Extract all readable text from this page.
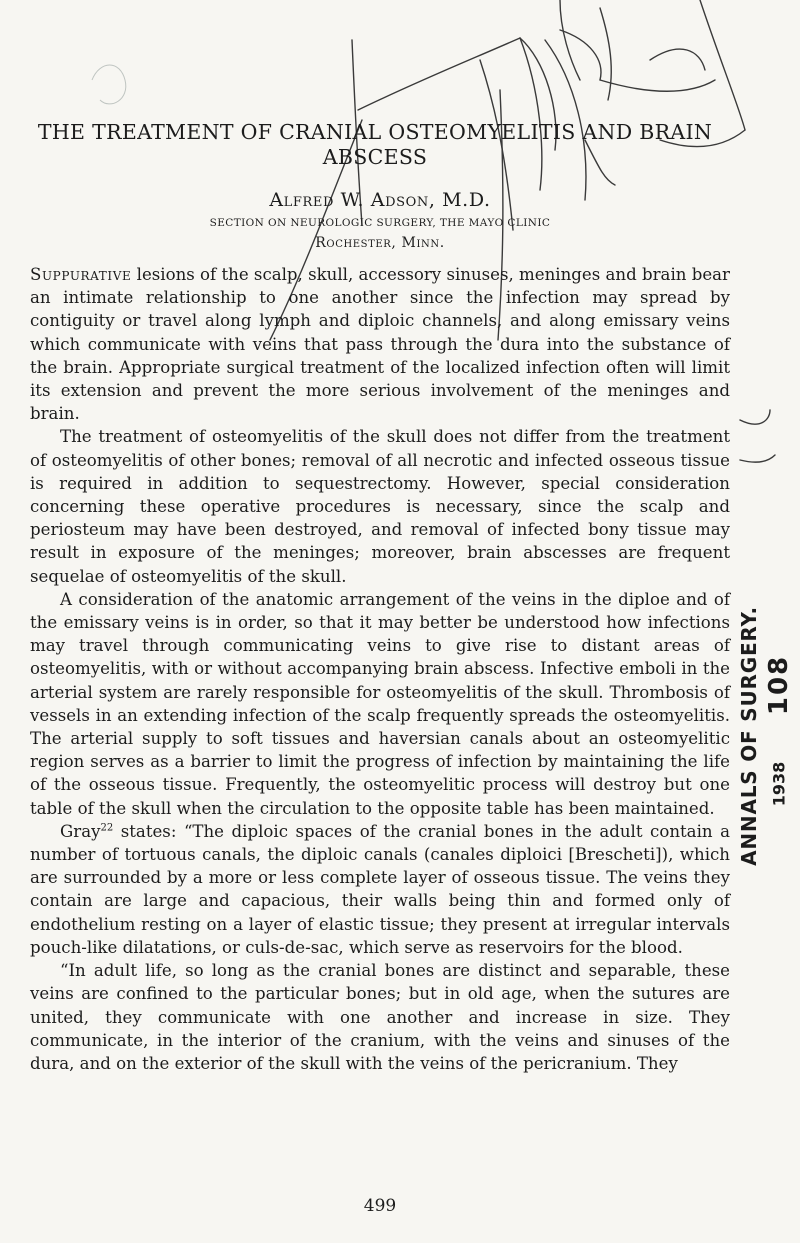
THE TREATMENT OF CRANIAL OSTEOMYELITIS AND BRAIN ABSCESS
Alfred W. Adson, M.D.
SECTION ON NEUROLOGIC SURGERY, THE MAYO CLINIC
Rochester, Minn.

Suppurative lesions of the scalp, skull, accessory sinuses, meninges and brain bear an intimate relationship to one another since the infection may spread by contiguity or travel along lymph and diploic channels, and along emissary veins which communicate with veins that pass through the dura into the substance of the brain. Appropriate surgical treatment of the localized infection often will limit its extension and prevent the more serious involvement of the meninges and brain.

The treatment of osteomyelitis of the skull does not differ from the treatment of osteomyelitis of other bones; removal of all necrotic and infected osseous tissue is required in addition to sequestrectomy. However, special consideration concerning these operative procedures is necessary, since the scalp and periosteum may have been destroyed, and removal of infected bony tissue may result in exposure of the meninges; moreover, brain abscesses are frequent sequelae of osteomyelitis of the skull.

A consideration of the anatomic arrangement of the veins in the diploe and of the emissary veins is in order, so that it may better be understood how infections may travel through communicating veins to give rise to distant areas of osteomyelitis, with or without accompanying brain abscess. Infective emboli in the arterial system are rarely responsible for osteomyelitis of the skull. Thrombosis of vessels in an extending infection of the scalp frequently spreads the osteomyelitis. The arterial supply to soft tissues and haversian canals about an osteomyelitic region serves as a barrier to limit the progress of infection by maintaining the life of the osseous tissue. Frequently, the osteomyelitic process will destroy but one table of the skull when the circulation to the opposite table has been maintained.

Gray$^{22}$ states: “The diploic spaces of the cranial bones in the adult contain a number of tortuous canals, the diploic canals (canales diploici [Brescheti]), which are surrounded by a more or less complete layer of osseous tissue. The veins they contain are large and capacious, their walls being thin and formed only of endothelium resting on a layer of elastic tissue; they present at irregular intervals pouch-like dilatations, or culs-de-sac, which serve as reservoirs for the blood.

“In adult life, so long as the cranial bones are distinct and separable, these veins are confined to the particular bones; but in old age, when the sutures are united, they communicate with one another and increase in size. They communicate, in the interior of the cranium, with the veins and sinuses of the dura, and on the exterior of the skull with the veins of the pericranium. They

499
ANNALS OF SURGERY. 108
1938
